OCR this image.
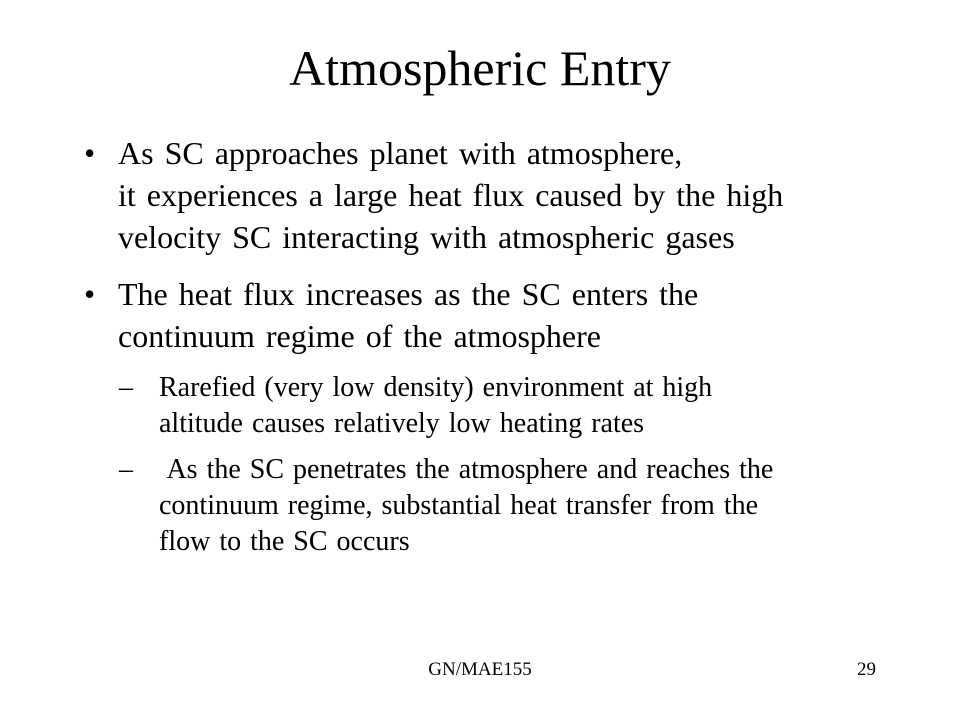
Atmospheric Entry
• As SC approaches planet with atmosphere,
it experiences a large heat flux caused by the high
velocity SC interacting with atmospheric gases
• The heat flux increases as the SC enters the
continuum regime of the atmosphere
– Rarefied (very low density) environment at high
altitude causes relatively low heating rates
– As the SC penetrates the atmosphere and reaches the
continuum regime, substantial heat transfer from the
flow to the SC occurs
GN/MAE155	29
